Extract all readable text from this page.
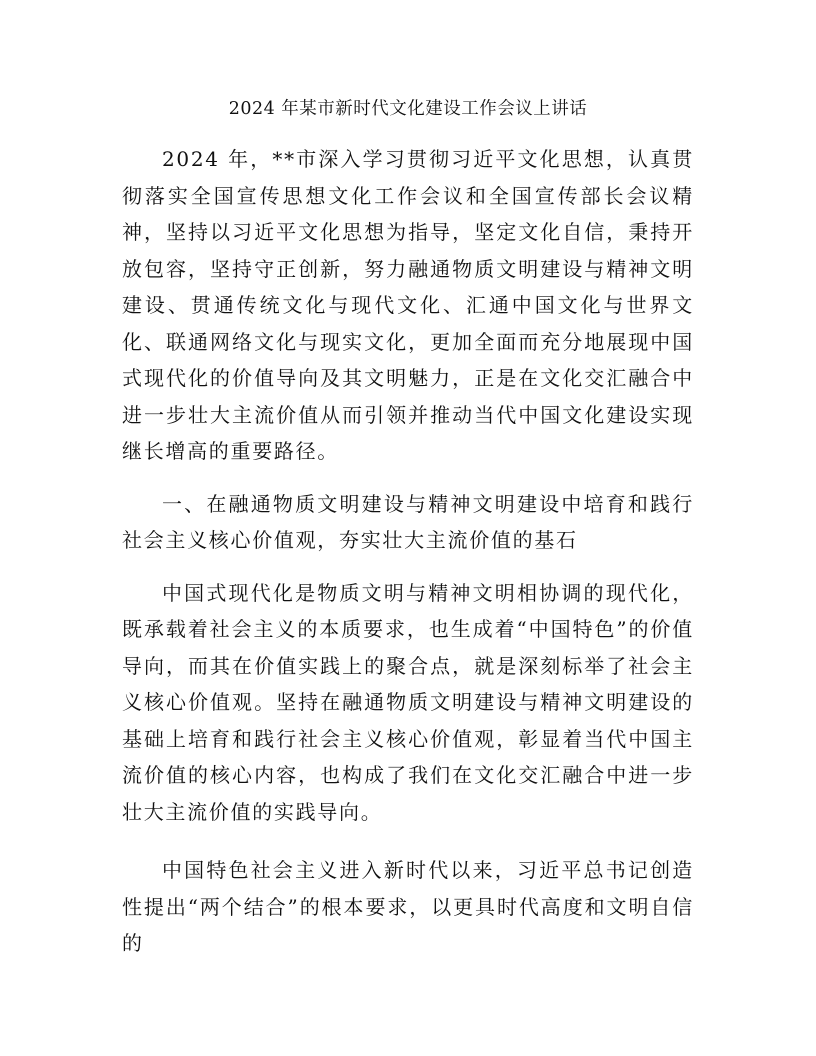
2024 年某市新时代文化建设工作会议上讲话

2024 年，**市深入学习贯彻习近平文化思想，认真贯彻落实全国宣传思想文化工作会议和全国宣传部长会议精神，坚持以习近平文化思想为指导，坚定文化自信，秉持开放包容，坚持守正创新，努力融通物质文明建设与精神文明建设、贯通传统文化与现代文化、汇通中国文化与世界文化、联通网络文化与现实文化，更加全面而充分地展现中国式现代化的价值导向及其文明魅力，正是在文化交汇融合中进一步壮大主流价值从而引领并推动当代中国文化建设实现继长增高的重要路径。

一、在融通物质文明建设与精神文明建设中培育和践行社会主义核心价值观，夯实壮大主流价值的基石

中国式现代化是物质文明与精神文明相协调的现代化，既承载着社会主义的本质要求，也生成着“中国特色”的价值导向，而其在价值实践上的聚合点，就是深刻标举了社会主义核心价值观。坚持在融通物质文明建设与精神文明建设的基础上培育和践行社会主义核心价值观，彰显着当代中国主流价值的核心内容，也构成了我们在文化交汇融合中进一步壮大主流价值的实践导向。

中国特色社会主义进入新时代以来，习近平总书记创造性提出“两个结合”的根本要求，以更具时代高度和文明自信的
